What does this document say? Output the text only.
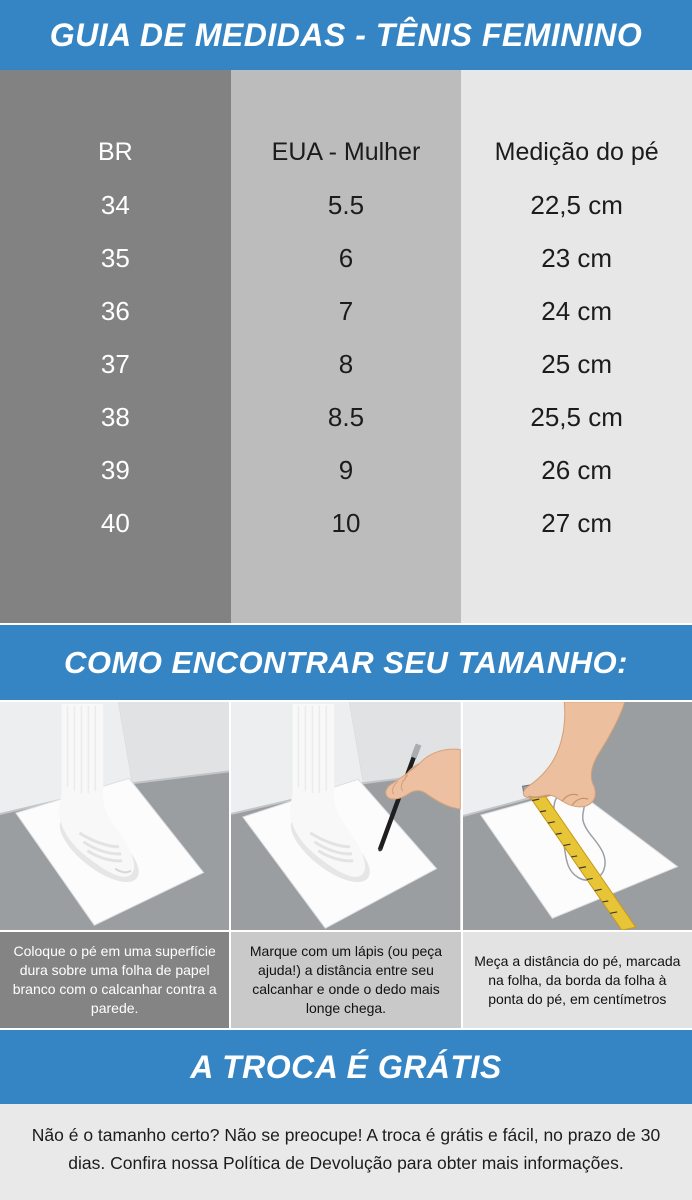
GUIA DE MEDIDAS - TÊNIS FEMININO
BR
34
35
36
37
38
39
40
EUA - Mulher
5.5
6
7
8
8.5
9
10
Medição do pé
22,5 cm
23 cm
24 cm
25 cm
25,5 cm
26 cm
27 cm
COMO ENCONTRAR SEU TAMANHO:
Coloque o pé em uma superfície dura sobre uma folha de papel branco com o calcanhar contra a parede.
Marque com um lápis (ou peça ajuda!) a distância entre seu calcanhar e onde o dedo mais longe chega.
Meça a distância do pé, marcada na folha, da borda da folha à ponta do pé, em centímetros
A TROCA É GRÁTIS
Não é o tamanho certo? Não se preocupe! A troca é grátis e fácil, no prazo de 30 dias. Confira nossa Política de Devolução para obter mais informações.
